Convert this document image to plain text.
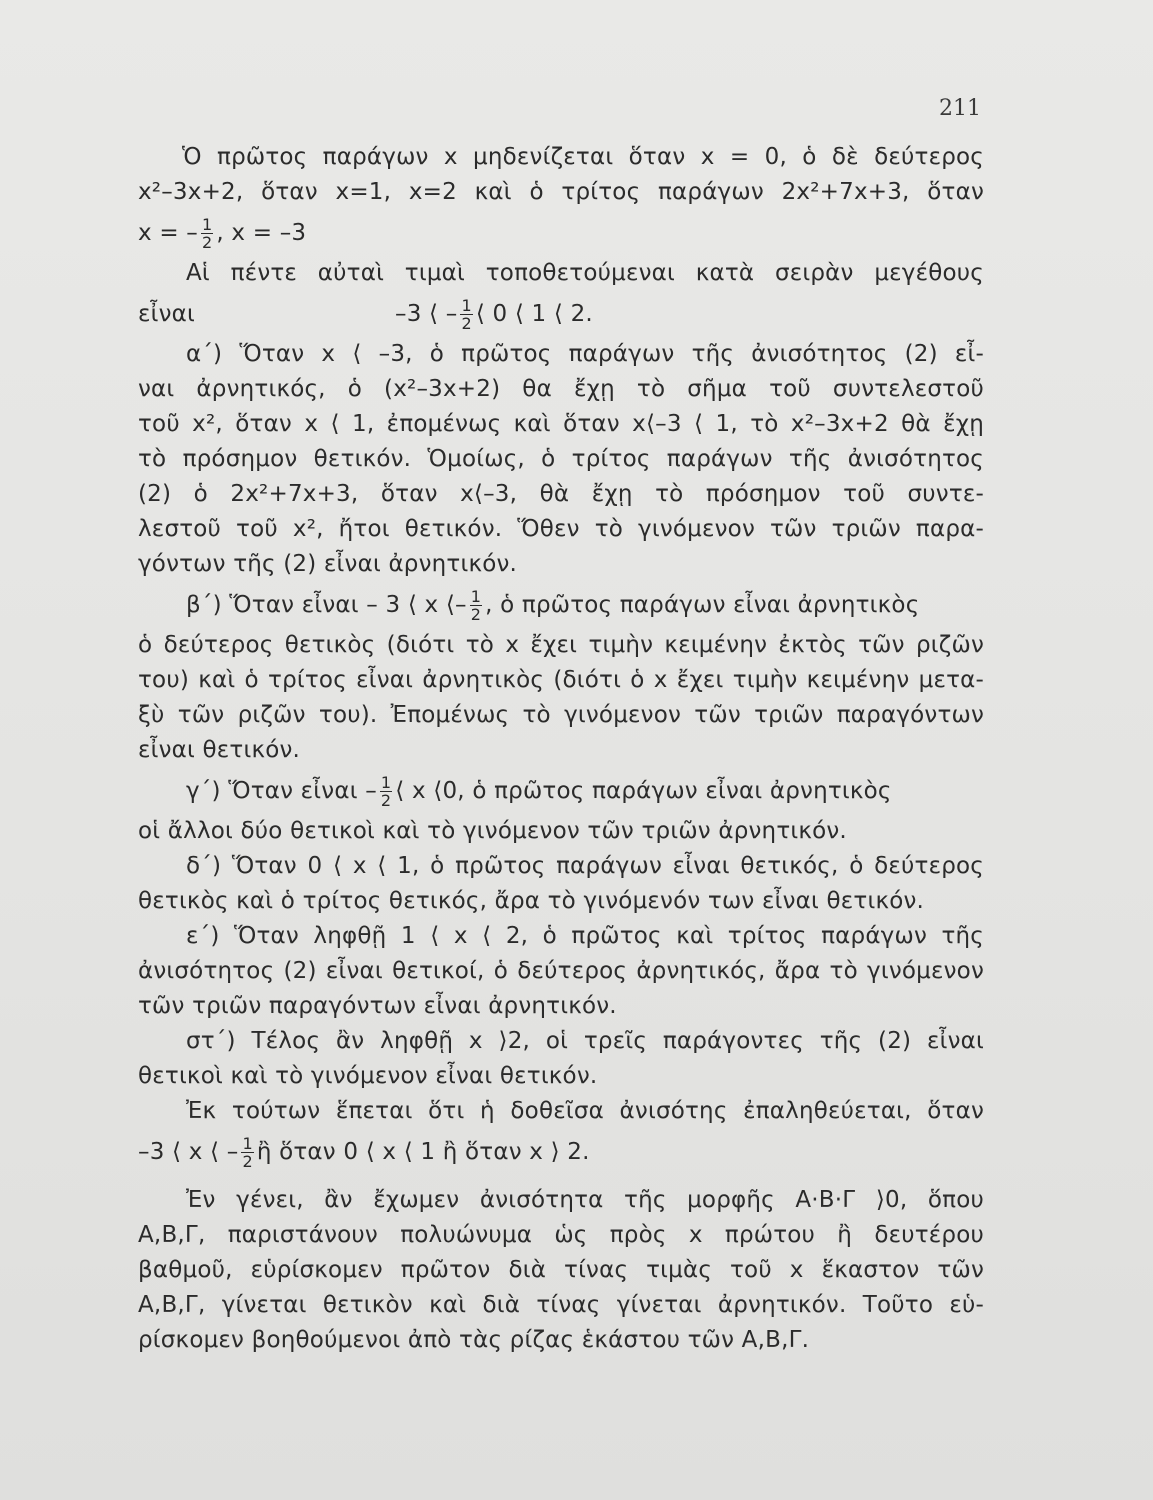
211
Ὁ πρῶτος παράγων x μηδενίζεται ὅταν x = 0, ὁ δὲ δεύτερος
x²–3x+2, ὅταν x=1, x=2 καὶ ὁ τρίτος παράγων 2x²+7x+3, ὅταν
x = – $\frac{1}{2}$ , x = –3
Αἱ πέντε αὐταὶ τιμαὶ τοποθετούμεναι κατὰ σειρὰν μεγέθους
εἶναι	–3 ⟨ – $\frac{1}{2}$ ⟨ 0 ⟨ 1 ⟨ 2.
α΄) Ὅταν x ⟨ –3, ὁ πρῶτος παράγων τῆς ἀνισότητος (2) εἶ-
ναι ἀρνητικός, ὁ (x²–3x+2) θα ἔχῃ τὸ σῆμα τοῦ συντελεστοῦ
τοῦ x², ὅταν x ⟨ 1, ἐπομένως καὶ ὅταν x⟨–3 ⟨ 1, τὸ x²–3x+2 θὰ ἔχῃ
τὸ πρόσημον θετικόν. Ὁμοίως, ὁ τρίτος παράγων τῆς ἀνισότητος
(2) ὁ 2x²+7x+3, ὅταν x⟨–3, θὰ ἔχῃ τὸ πρόσημον τοῦ συντε-
λεστοῦ τοῦ x², ἤτοι θετικόν. Ὅθεν τὸ γινόμενον τῶν τριῶν παρα-
γόντων τῆς (2) εἶναι ἀρνητικόν.
β΄) Ὅταν εἶναι – 3 ⟨ x ⟨– $\frac{1}{2}$ , ὁ πρῶτος παράγων εἶναι ἀρνητικὸς
ὁ δεύτερος θετικὸς (διότι τὸ x ἔχει τιμὴν κειμένην ἐκτὸς τῶν ριζῶν
του) καὶ ὁ τρίτος εἶναι ἀρνητικὸς (διότι ὁ x ἔχει τιμὴν κειμένην μετα-
ξὺ τῶν ριζῶν του). Ἐπομένως τὸ γινόμενον τῶν τριῶν παραγόντων
εἶναι θετικόν.
γ΄) Ὅταν εἶναι – $\frac{1}{2}$ ⟨ x ⟨0, ὁ πρῶτος παράγων εἶναι ἀρνητικὸς
οἱ ἄλλοι δύο θετικοὶ καὶ τὸ γινόμενον τῶν τριῶν ἀρνητικόν.
δ΄) Ὅταν 0 ⟨ x ⟨ 1, ὁ πρῶτος παράγων εἶναι θετικός, ὁ δεύτερος
θετικὸς καὶ ὁ τρίτος θετικός, ἄρα τὸ γινόμενόν των εἶναι θετικόν.
ε΄) Ὅταν ληφθῇ 1 ⟨ x ⟨ 2, ὁ πρῶτος καὶ τρίτος παράγων τῆς
ἀνισότητος (2) εἶναι θετικοί, ὁ δεύτερος ἀρνητικός, ἄρα τὸ γινόμενον
τῶν τριῶν παραγόντων εἶναι ἀρνητικόν.
στ΄) Τέλος ἂν ληφθῇ x ⟩2, οἱ τρεῖς παράγοντες τῆς (2) εἶναι
θετικοὶ καὶ τὸ γινόμενον εἶναι θετικόν.
Ἐκ τούτων ἕπεται ὅτι ἡ δοθεῖσα ἀνισότης ἐπαληθεύεται, ὅταν
–3 ⟨ x ⟨ – $\frac{1}{2}$ ἢ ὅταν 0 ⟨ x ⟨ 1 ἢ ὅταν x ⟩ 2.
Ἐν γένει, ἂν ἔχωμεν ἀνισότητα τῆς μορφῆς Α·Β·Γ ⟩0, ὅπου
Α,Β,Γ, παριστάνουν πολυώνυμα ὡς πρὸς x πρώτου ἢ δευτέρου
βαθμοῦ, εὑρίσκομεν πρῶτον διὰ τίνας τιμὰς τοῦ x ἕκαστον τῶν
Α,Β,Γ, γίνεται θετικὸν καὶ διὰ τίνας γίνεται ἀρνητικόν. Τοῦτο εὑ-
ρίσκομεν βοηθούμενοι ἀπὸ τὰς ρίζας ἑκάστου τῶν Α,Β,Γ.
